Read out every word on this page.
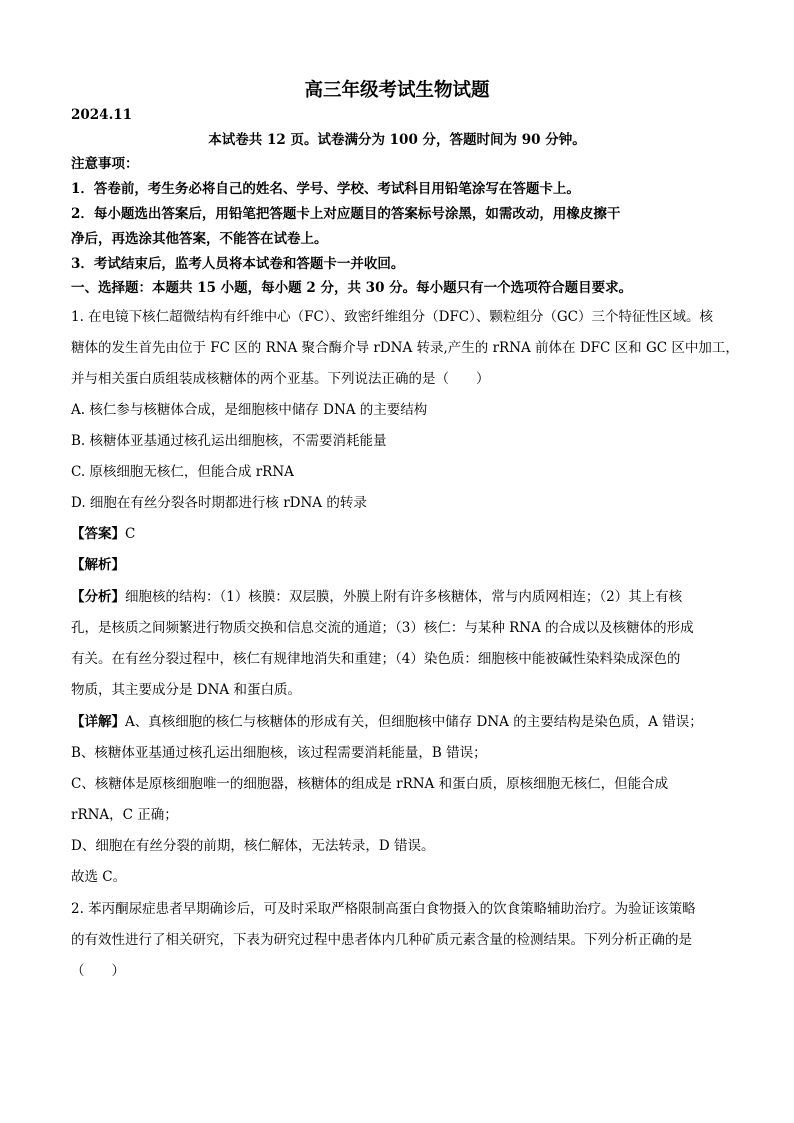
高三年级考试生物试题
2024.11
本试卷共 12 页。试卷满分为 100 分，答题时间为 90 分钟。
注意事项：
1．答卷前，考生务必将自己的姓名、学号、学校、考试科目用铅笔涂写在答题卡上。
2．每小题选出答案后，用铅笔把答题卡上对应题目的答案标号涂黑，如需改动，用橡皮擦干
净后，再选涂其他答案，不能答在试卷上。
3．考试结束后，监考人员将本试卷和答题卡一并收回。
一、选择题：本题共 15 小题，每小题 2 分，共 30 分。每小题只有一个选项符合题目要求。
1. 在电镜下核仁超微结构有纤维中心（FC）、致密纤维组分（DFC）、颗粒组分（GC）三个特征性区域。核
糖体的发生首先由位于 FC 区的 RNA 聚合酶介导 rDNA 转录,产生的 rRNA 前体在 DFC 区和 GC 区中加工，
并与相关蛋白质组装成核糖体的两个亚基。下列说法正确的是（　　）
A. 核仁参与核糖体合成，是细胞核中储存 DNA 的主要结构
B. 核糖体亚基通过核孔运出细胞核，不需要消耗能量
C. 原核细胞无核仁，但能合成 rRNA
D. 细胞在有丝分裂各时期都进行核 rDNA 的转录
【答案】C
【解析】
【分析】细胞核的结构：（1）核膜：双层膜，外膜上附有许多核糖体，常与内质网相连；（2）其上有核
孔，是核质之间频繁进行物质交换和信息交流的通道；（3）核仁：与某种 RNA 的合成以及核糖体的形成
有关。在有丝分裂过程中，核仁有规律地消失和重建；（4）染色质：细胞核中能被碱性染料染成深色的
物质，其主要成分是 DNA 和蛋白质。
【详解】A、真核细胞的核仁与核糖体的形成有关，但细胞核中储存 DNA 的主要结构是染色质，A 错误；
B、核糖体亚基通过核孔运出细胞核，该过程需要消耗能量，B 错误；
C、核糖体是原核细胞唯一的细胞器，核糖体的组成是 rRNA 和蛋白质，原核细胞无核仁，但能合成
rRNA，C 正确；
D、细胞在有丝分裂的前期，核仁解体，无法转录，D 错误。
故选 C。
2. 苯丙酮尿症患者早期确诊后，可及时采取严格限制高蛋白食物摄入的饮食策略辅助治疗。为验证该策略
的有效性进行了相关研究，下表为研究过程中患者体内几种矿质元素含量的检测结果。下列分析正确的是
（　　）
